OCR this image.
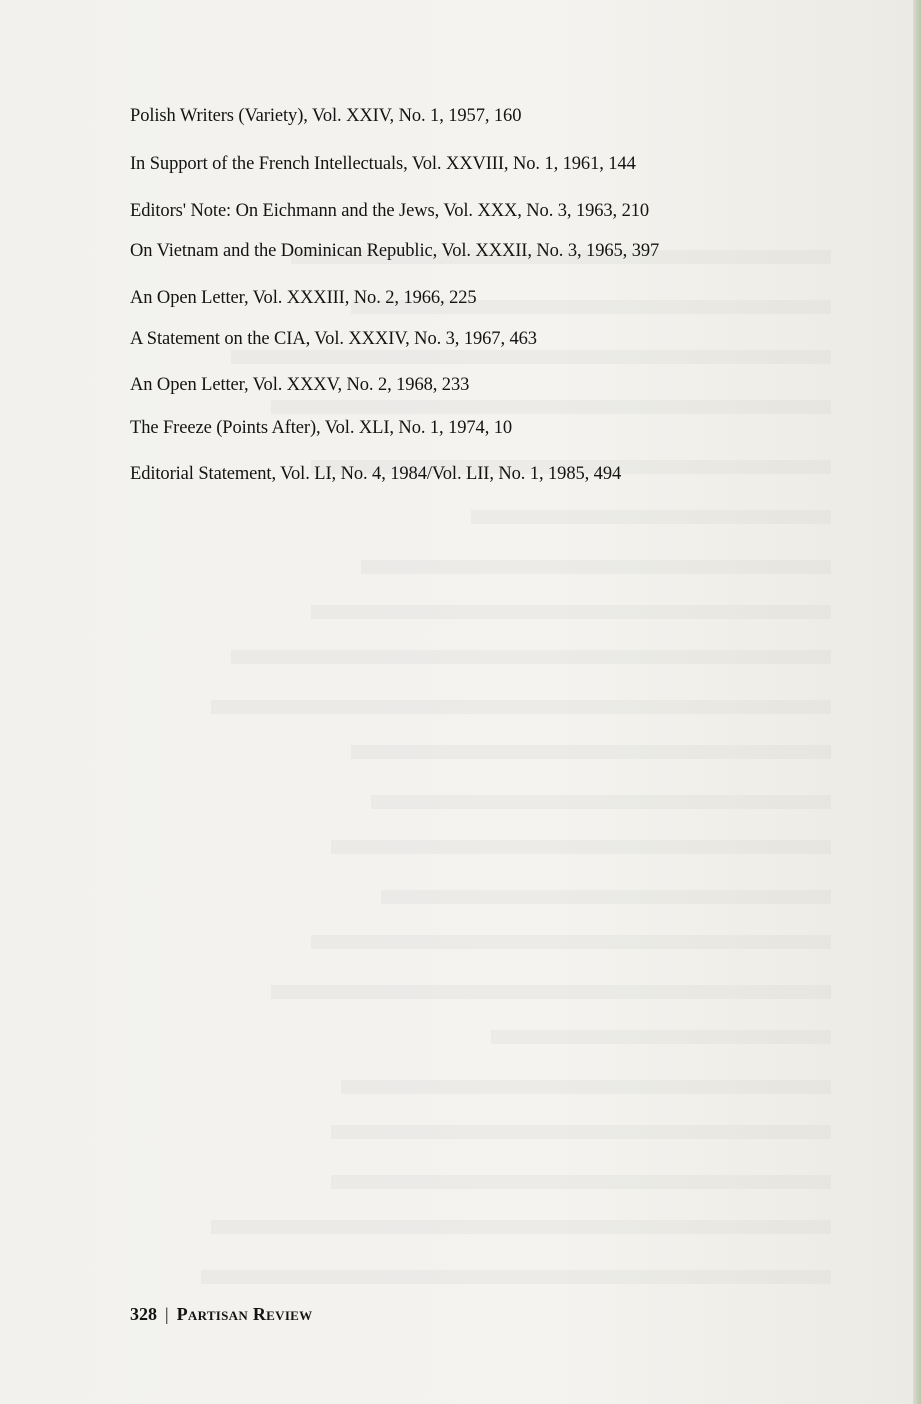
Polish Writers (Variety), Vol. XXIV, No. 1, 1957, 160
In Support of the French Intellectuals, Vol. XXVIII, No. 1, 1961, 144
Editors' Note: On Eichmann and the Jews, Vol. XXX, No. 3, 1963, 210
On Vietnam and the Dominican Republic, Vol. XXXII, No. 3, 1965, 397
An Open Letter, Vol. XXXIII, No. 2, 1966, 225
A Statement on the CIA, Vol. XXXIV, No. 3, 1967, 463
An Open Letter, Vol. XXXV, No. 2, 1968, 233
The Freeze (Points After), Vol. XLI, No. 1, 1974, 10
Editorial Statement, Vol. LI, No. 4, 1984/Vol. LII, No. 1, 1985, 494
328 | Partisan Review
